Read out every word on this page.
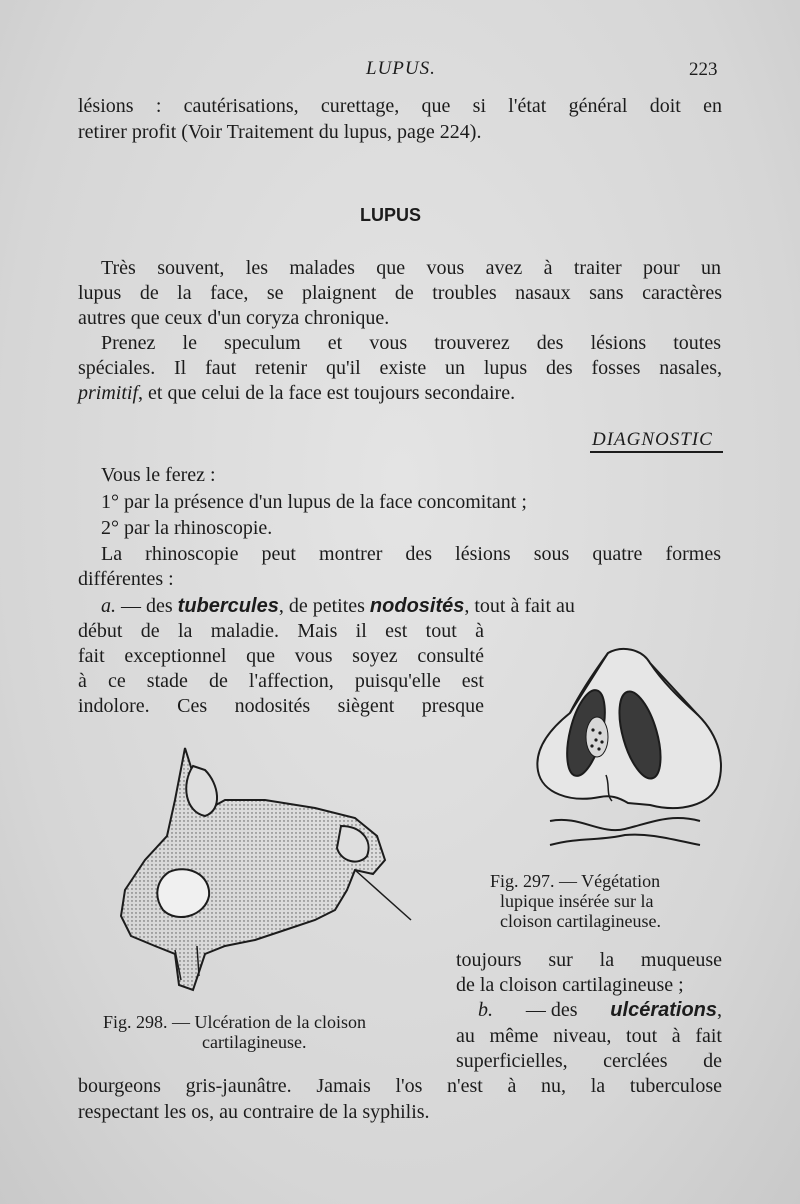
LUPUS.	223
lésions : cautérisations, curettage, que si l'état général doit en
retirer profit (Voir Traitement du lupus, page 224).
LUPUS
Très souvent, les malades que vous avez à traiter pour un
lupus de la face, se plaignent de troubles nasaux sans caractères
autres que ceux d'un coryza chronique.
Prenez le speculum et vous trouverez des lésions toutes
spéciales. Il faut retenir qu'il existe un lupus des fosses nasales,
primitif, et que celui de la face est toujours secondaire.
DIAGNOSTIC
Vous le ferez :
1° par la présence d'un lupus de la face concomitant ;
2° par la rhinoscopie.
La rhinoscopie peut montrer des lésions sous quatre formes
différentes :
a. — des tubercules, de petites nodosités, tout à fait au
début de la maladie. Mais il est tout à
fait exceptionnel que vous soyez consulté
à ce stade de l'affection, puisqu'elle est
indolore. Ces nodosités siègent presque
Fig. 297. — Végétation
lupique insérée sur la
cloison cartilagineuse.
Fig. 298. — Ulcération de la cloison
cartilagineuse.
toujours sur la muqueuse
de la cloison cartilagineuse ;
b. — des ulcérations,
au même niveau, tout à fait
superficielles, cerclées de
bourgeons gris-jaunâtre. Jamais l'os n'est à nu, la tuberculose
respectant les os, au contraire de la syphilis.
